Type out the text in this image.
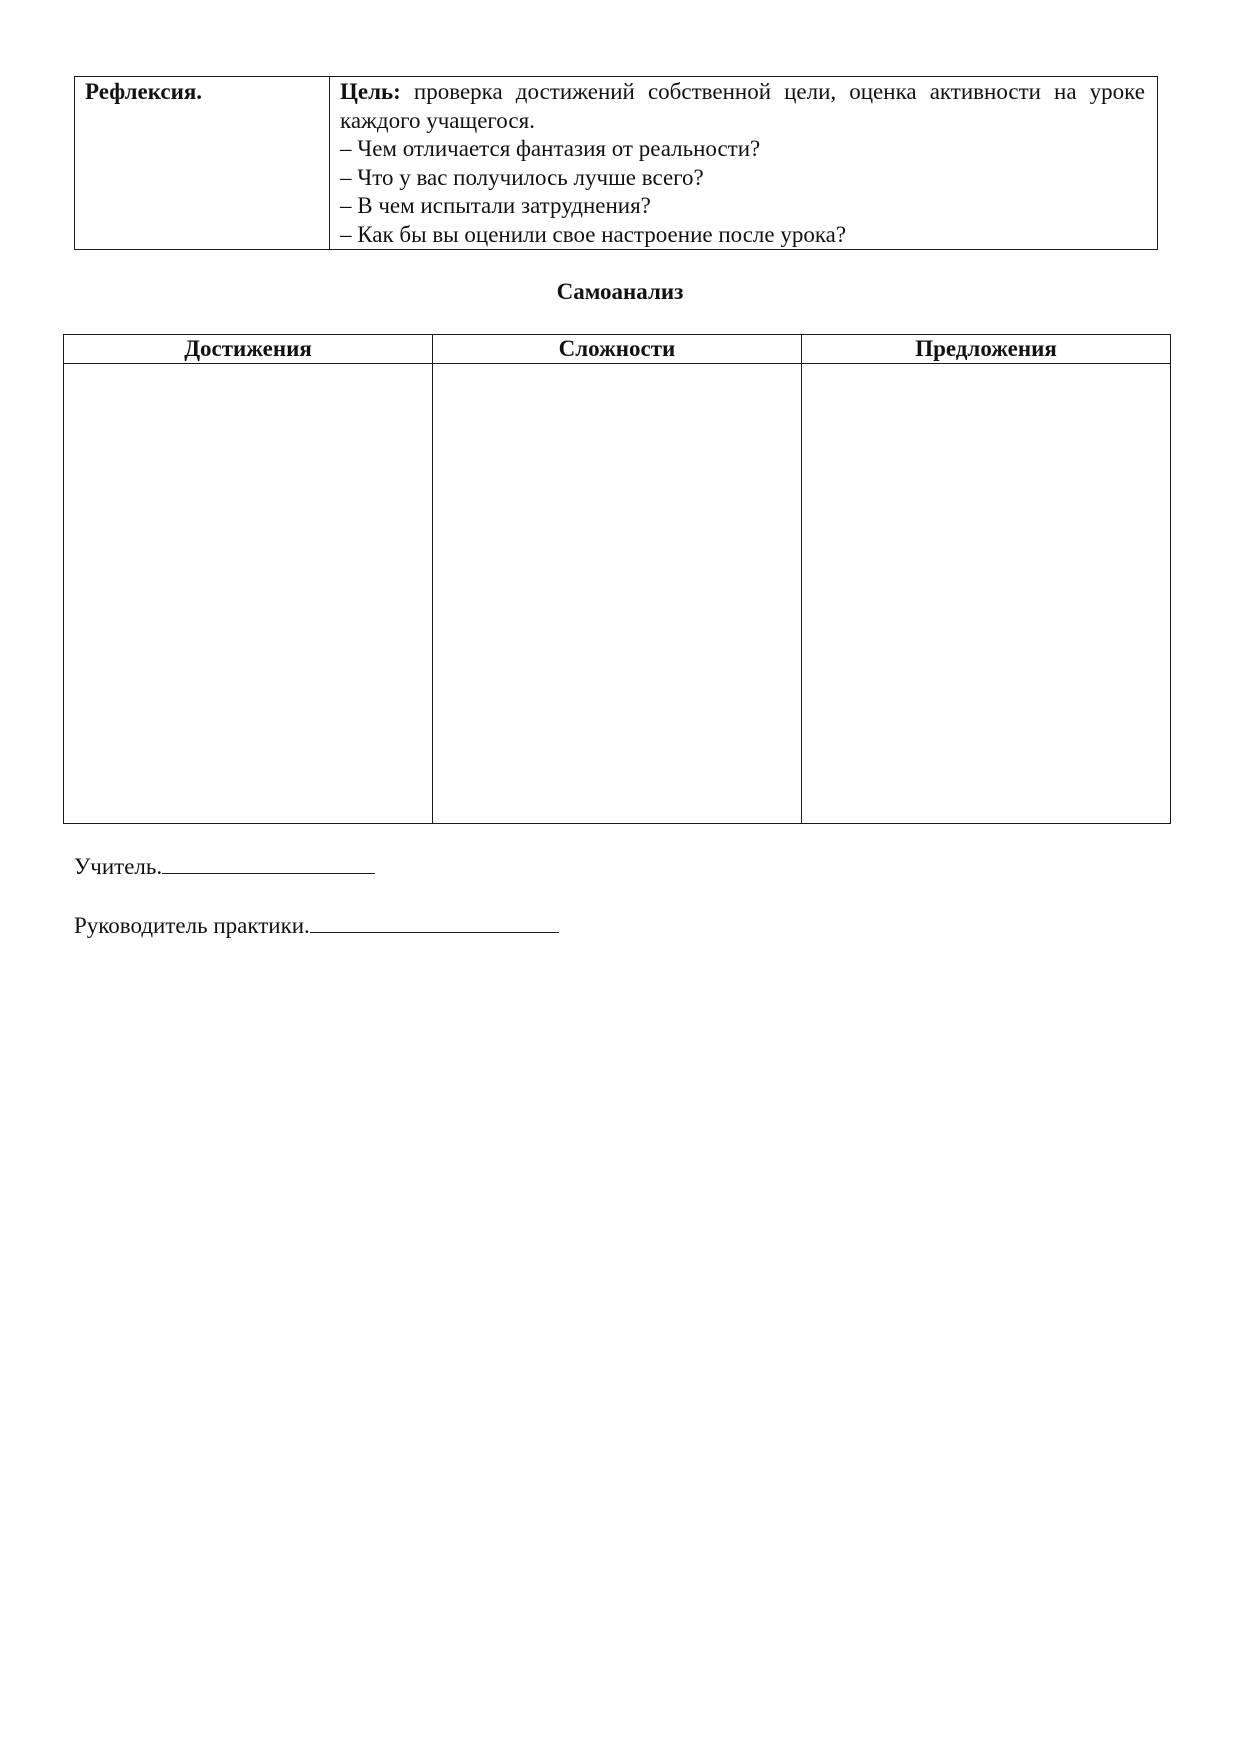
Рефлексия.	Цель: проверка достижений собственной цели, оценка активности на уроке
каждого учащегося.
– Чем отличается фантазия от реальности?
– Что у вас получилось лучше всего?
– В чем испытали затруднения?
– Как бы вы оценили свое настроение после урока?
Самоанализ
Достижения	Сложности	Предложения

Учитель.
Руководитель практики.
